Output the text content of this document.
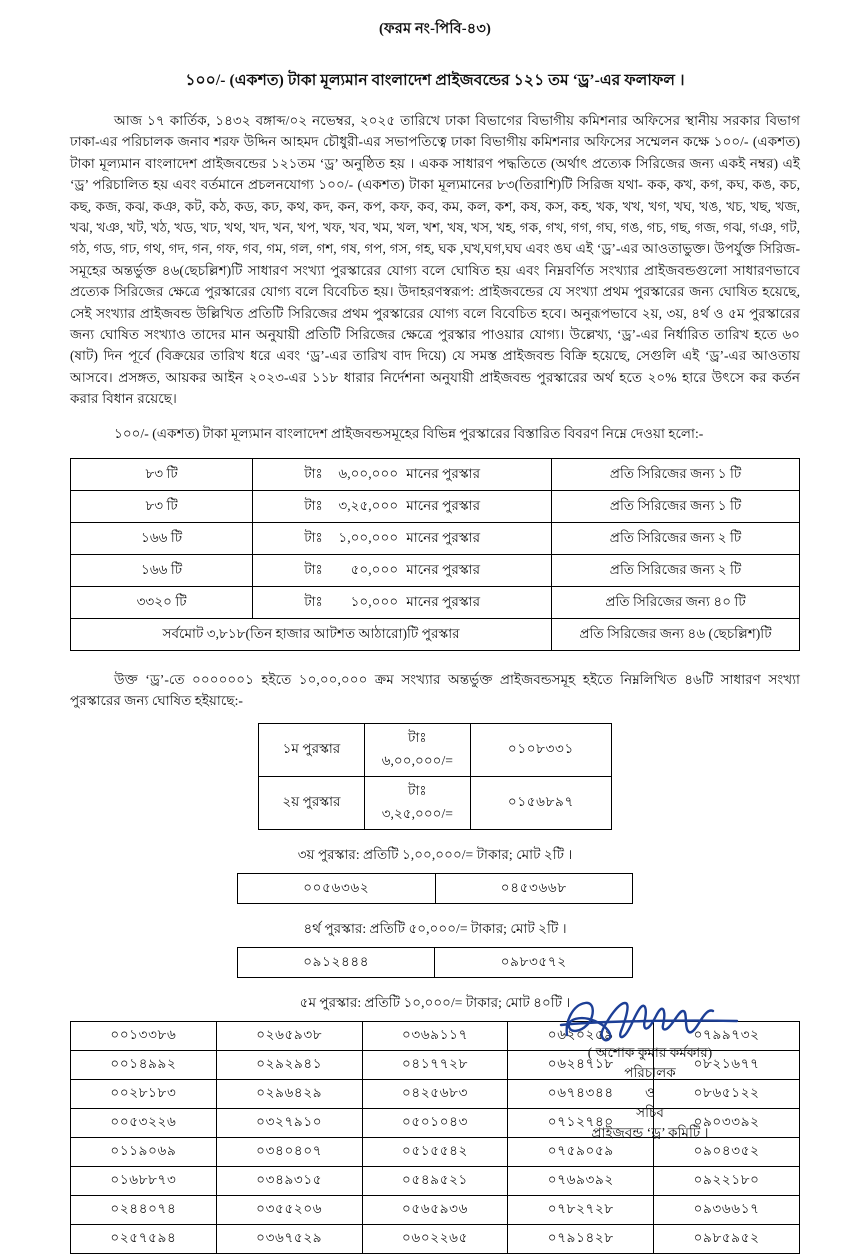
(ফরম নং-পিবি-৪৩)
১০০/- (একশত) টাকা মূল্যমান বাংলাদেশ প্রাইজবন্ডের ১২১ তম ‘ড্র’-এর ফলাফল ।
আজ ১৭ কার্তিক, ১৪৩২ বঙ্গাব্দ/০২ নভেম্বর, ২০২৫ তারিখে ঢাকা বিভাগের বিভাগীয় কমিশনার অফিসের স্থানীয় সরকার বিভাগ ঢাকা-এর পরিচালক জনাব শরফ উদ্দিন আহমদ চৌধুরী-এর সভাপতিত্বে ঢাকা বিভাগীয় কমিশনার অফিসের সম্মেলন কক্ষে ১০০/- (একশত) টাকা মূল্যমান বাংলাদেশ প্রাইজবন্ডের ১২১তম ‘ড্র’ অনুষ্ঠিত হয় । একক সাধারণ পদ্ধতিতে (অর্থাৎ প্রত্যেক সিরিজের জন্য একই নম্বর) এই ‘ড্র’ পরিচালিত হয় এবং বর্তমানে প্রচলনযোগ্য ১০০/- (একশত) টাকা মূল্যমানের ৮৩(তিরাশি)টি সিরিজ যথা- কক, কখ, কগ, কঘ, কঙ, কচ, কছ, কজ, কঝ, কঞ, কট, কঠ, কড, কঢ, কথ, কদ, কন, কপ, কফ, কব, কম, কল, কশ, কষ, কস, কহ, খক, খখ, খগ, খঘ, খঙ, খচ, খছ, খজ, খঝ, খঞ, খট, খঠ, খড, খঢ, খথ, খদ, খন, খপ, খফ, খব, খম, খল, খশ, খষ, খস, খহ, গক, গখ, গগ, গঘ, গঙ, গচ, গছ, গজ, গঝ, গঞ, গট, গঠ, গড, গঢ, গথ, গদ, গন, গফ, গব, গম, গল, গশ, গষ, গপ, গস, গহ, ঘক ,ঘখ,ঘগ,ঘঘ এবং ঙঘ এই ‘ড্র’-এর আওতাভুক্ত। উপর্যুক্ত সিরিজ-সমূহের অন্তর্ভুক্ত ৪৬(ছেচল্লিশ)টি সাধারণ সংখ্যা পুরস্কারের যোগ্য বলে ঘোষিত হয় এবং নিম্নবর্ণিত সংখ্যার প্রাইজবন্ডগুলো সাধারণভাবে প্রত্যেক সিরিজের ক্ষেত্রে পুরস্কারের যোগ্য বলে বিবেচিত হয়। উদাহরণস্বরূপ: প্রাইজবন্ডের যে সংখ্যা প্রথম পুরস্কারের জন্য ঘোষিত হয়েছে, সেই সংখ্যার প্রাইজবন্ড উল্লিখিত প্রতিটি সিরিজের প্রথম পুরস্কারের যোগ্য বলে বিবেচিত হবে। অনুরূপভাবে ২য়, ৩য়, ৪র্থ ও ৫ম পুরস্কারের জন্য ঘোষিত সংখ্যাও তাদের মান অনুযায়ী প্রতিটি সিরিজের ক্ষেত্রে পুরস্কার পাওয়ার যোগ্য। উল্লেখ্য, ‘ড্র’-এর নির্ধারিত তারিখ হতে ৬০ (ষাট) দিন পূর্বে (বিক্রয়ের তারিখ ধরে এবং ‘ড্র’-এর তারিখ বাদ দিয়ে) যে সমস্ত প্রাইজবন্ড বিক্রি হয়েছে, সেগুলি এই ‘ড্র’-এর আওতায় আসবে। প্রসঙ্গত, আয়কর আইন ২০২৩-এর ১১৮ ধারার নির্দেশনা অনুযায়ী প্রাইজবন্ড পুরস্কারের অর্থ হতে ২০% হারে উৎসে কর কর্তন করার বিধান রয়েছে।
১০০/- (একশত) টাকা মূল্যমান বাংলাদেশ প্রাইজবন্ডসমূহের বিভিন্ন পুরস্কারের বিস্তারিত বিবরণ নিম্নে দেওয়া হলো:-
৮৩ টি	টাঃ ৬,০০,০০০ মানের পুরস্কার	প্রতি সিরিজের জন্য ১ টি
৮৩ টি	টাঃ ৩,২৫,০০০ মানের পুরস্কার	প্রতি সিরিজের জন্য ১ টি
১৬৬ টি	টাঃ ১,০০,০০০ মানের পুরস্কার	প্রতি সিরিজের জন্য ২ টি
১৬৬ টি	টাঃ ৫০,০০০ মানের পুরস্কার	প্রতি সিরিজের জন্য ২ টি
৩৩২০ টি	টাঃ ১০,০০০ মানের পুরস্কার	প্রতি সিরিজের জন্য ৪০ টি
সর্বমোট ৩,৮১৮(তিন হাজার আটশত আঠারো)টি পুরস্কার		প্রতি সিরিজের জন্য ৪৬ (ছেচল্লিশ)টি
উক্ত ‘ড্র’-তে ০০০০০০১ হইতে ১০,০০,০০০ ক্রম সংখ্যার অন্তর্ভুক্ত প্রাইজবন্ডসমূহ হইতে নিম্নলিখিত ৪৬টি সাধারণ সংখ্যা পুরস্কারের জন্য ঘোষিত হইয়াছে:-
১ম পুরস্কার	টাঃ ৬,০০,০০০/=	০১০৮৩৩১
২য় পুরস্কার	টাঃ ৩,২৫,০০০/=	০১৫৬৮৯৭
৩য় পুরস্কার: প্রতিটি ১,০০,০০০/= টাকার; মোট ২টি ।
০০৫৬৩৬২	০৪৫৩৬৬৮
৪র্থ পুরস্কার: প্রতিটি ৫০,০০০/= টাকার; মোট ২টি ।
০৯১২৪৪৪	০৯৮৩৫৭২
৫ম পুরস্কার: প্রতিটি ১০,০০০/= টাকার; মোট ৪০টি ।
০০১৩৩৮৬	০২৬৫৯৩৮	০৩৬৯১১৭	০৬২০২৫৯	০৭৯৯৭৩২
০০১৪৯৯২	০২৯২৯৪১	০৪১৭৭২৮	০৬২৪৭১৮	০৮২১৬৭৭
০০২৮১৮৩	০২৯৬৪২৯	০৪২৫৬৮৩	০৬৭৪৩৪৪	০৮৬৫১২২
০০৫৩২২৬	০৩২৭৯১০	০৫০১০৪৩	০৭১২৭৪০	০৯০৩৩৯২
০১১৯০৬৯	০৩৪০৪০৭	০৫১৫৫৪২	০৭৫৯০৫৯	০৯০৪৩৫২
০১৬৮৮৭৩	০৩৪৯৩১৫	০৫৪৯৫২১	০৭৬৯৩৯২	০৯২২১৮০
০২৪৪০৭৪	০৩৫৫২০৬	০৫৬৫৯৩৬	০৭৮২৭২৮	০৯৩৬৬১৭
০২৫৭৫৯৪	০৩৬৭৫২৯	০৬০২২৬৫	০৭৯১৪২৮	০৯৮৫৯৫২
( অশোক কুমার কর্মকার)
পরিচালক
ও
সচিব
প্রাইজবন্ড ‘ড্র’ কমিটি ।
